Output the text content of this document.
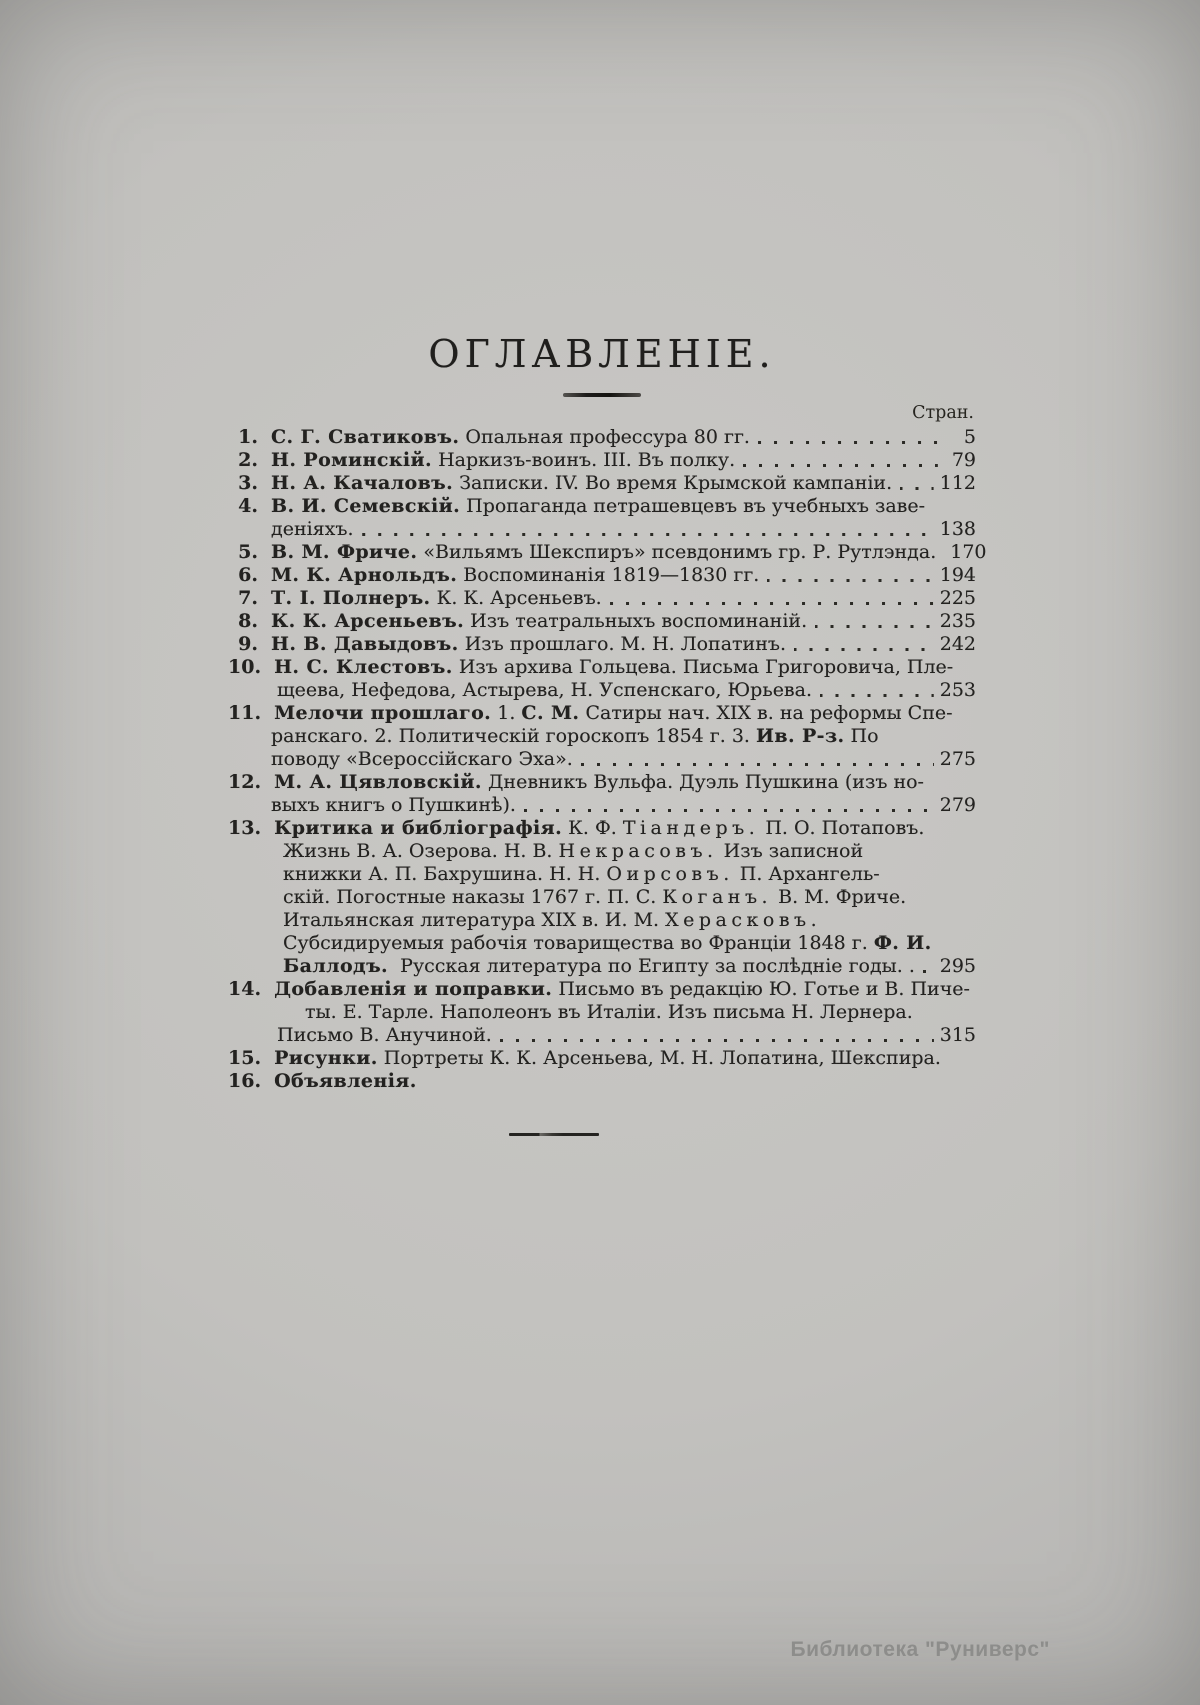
ОГЛАВЛЕНІЕ.
Стран.
1. С. Г. Сватиковъ. Опальная профессура 80 гг.	5
2. Н. Роминскій. Наркизъ-воинъ. III. Въ полку.	79
3. Н. А. Качаловъ. Записки. IV. Во время Крымской кампаніи.	112
4. В. И. Семевскій. Пропаганда петрашевцевъ въ учебныхъ заве-
деніяхъ.	138
5. В. М. Фриче. «Вильямъ Шекспиръ» псевдонимъ гр. Р. Рутлэнда. 170
6. М. К. Арнольдъ. Воспоминанія 1819—1830 гг.	194
7. Т. І. Полнеръ. К. К. Арсеньевъ.	225
8. К. К. Арсеньевъ. Изъ театральныхъ воспоминаній.	235
9. Н. В. Давыдовъ. Изъ прошлаго. М. Н. Лопатинъ.	242
10. Н. С. Клестовъ. Изъ архива Гольцева. Письма Григоровича, Пле-
щеева, Нефедова, Астырева, Н. Успенскаго, Юрьева.	253
11. Мелочи прошлаго. 1. С. М. Сатиры нач. XIX в. на реформы Спе-
ранскаго. 2. Политическій гороскопъ 1854 г. 3. Ив. Р-з. По
поводу «Всероссійскаго Эха».	275
12. М. А. Цявловскій. Дневникъ Вульфа. Дуэль Пушкина (изъ но-
выхъ книгъ о Пушкинѣ).	279
13. Критика и библіографія. К. Ф. Тіандеръ. П. О. Потаповъ.
Жизнь В. А. Озерова. Н. В. Некрасовъ. Изъ записной
книжки А. П. Бахрушина. Н. Н. Оирсовъ. П. Архангель-
скій. Погостные наказы 1767 г. П. С. Коганъ. В. М. Фриче.
Итальянская литература XIX в. И. М. Херасковъ.
Субсидируемыя рабочія товарищества во Франціи 1848 г. Ф. И.
Баллодъ.  Русская литература по Египту за послѣдніе годы. . 295
14. Добавленія и поправки. Письмо въ редакцію Ю. Готье и В. Пиче-
ты. Е. Тарле. Наполеонъ въ Италіи. Изъ письма Н. Лернера.
Письмо В. Анучиной.	315
15. Рисунки. Портреты К. К. Арсеньева, М. Н. Лопатина, Шекспира.
16. Объявленія.
Библиотека "Руниверс"
